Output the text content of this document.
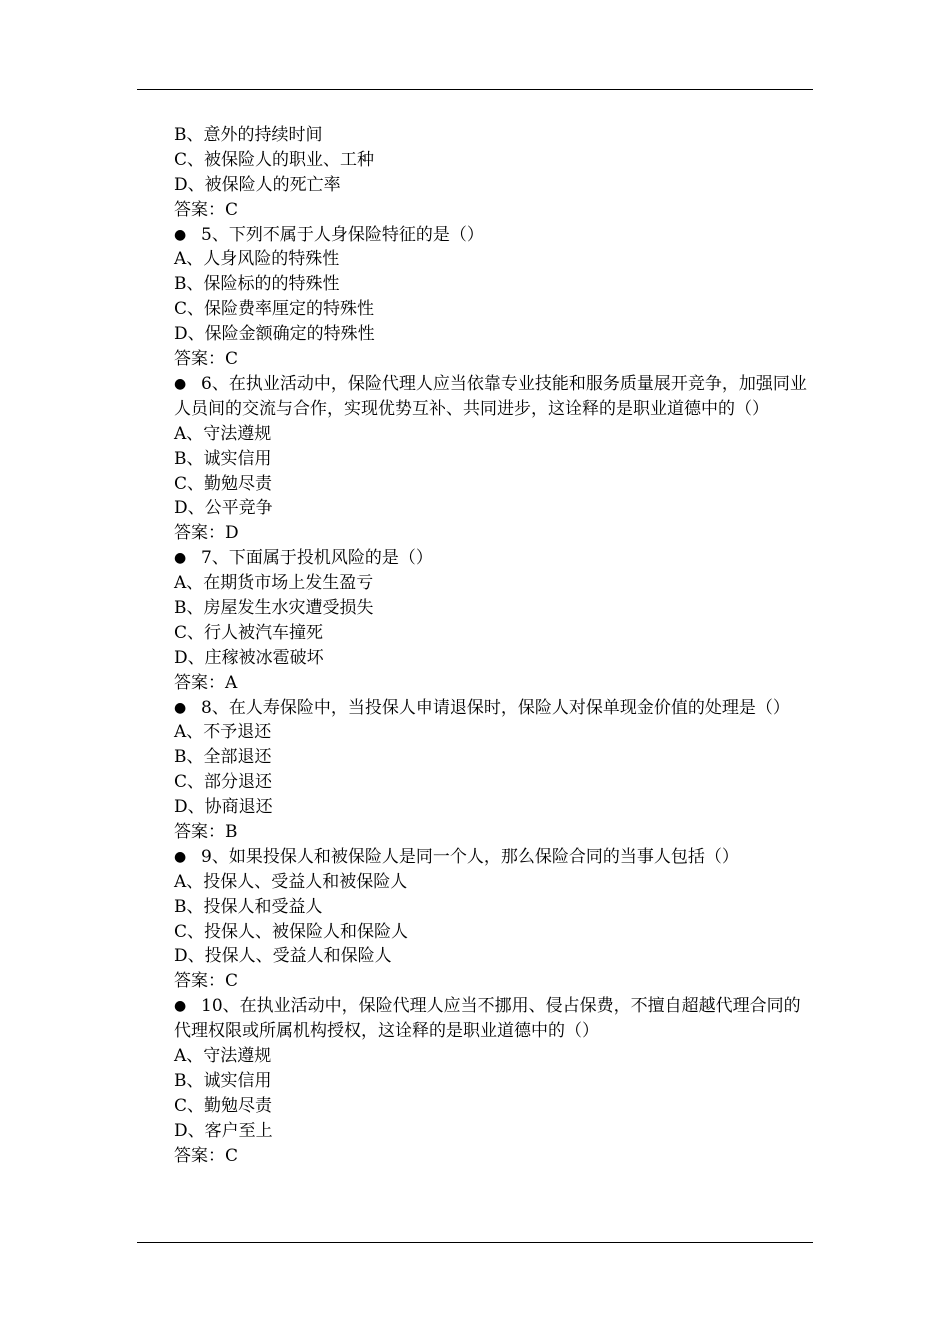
B、意外的持续时间
C、被保险人的职业、工种
D、被保险人的死亡率
答案：C
● 5、下列不属于人身保险特征的是（）
A、人身风险的特殊性
B、保险标的的特殊性
C、保险费率厘定的特殊性
D、保险金额确定的特殊性
答案：C
● 6、在执业活动中，保险代理人应当依靠专业技能和服务质量展开竞争，加强同业人员间的交流与合作，实现优势互补、共同进步，这诠释的是职业道德中的（）
A、守法遵规
B、诚实信用
C、勤勉尽责
D、公平竞争
答案：D
● 7、下面属于投机风险的是（）
A、在期货市场上发生盈亏
B、房屋发生水灾遭受损失
C、行人被汽车撞死
D、庄稼被冰雹破坏
答案：A
● 8、在人寿保险中，当投保人申请退保时，保险人对保单现金价值的处理是（）
A、不予退还
B、全部退还
C、部分退还
D、协商退还
答案：B
● 9、如果投保人和被保险人是同一个人，那么保险合同的当事人包括（）
A、投保人、受益人和被保险人
B、投保人和受益人
C、投保人、被保险人和保险人
D、投保人、受益人和保险人
答案：C
● 10、在执业活动中，保险代理人应当不挪用、侵占保费，不擅自超越代理合同的代理权限或所属机构授权，这诠释的是职业道德中的（）
A、守法遵规
B、诚实信用
C、勤勉尽责
D、客户至上
答案：C
